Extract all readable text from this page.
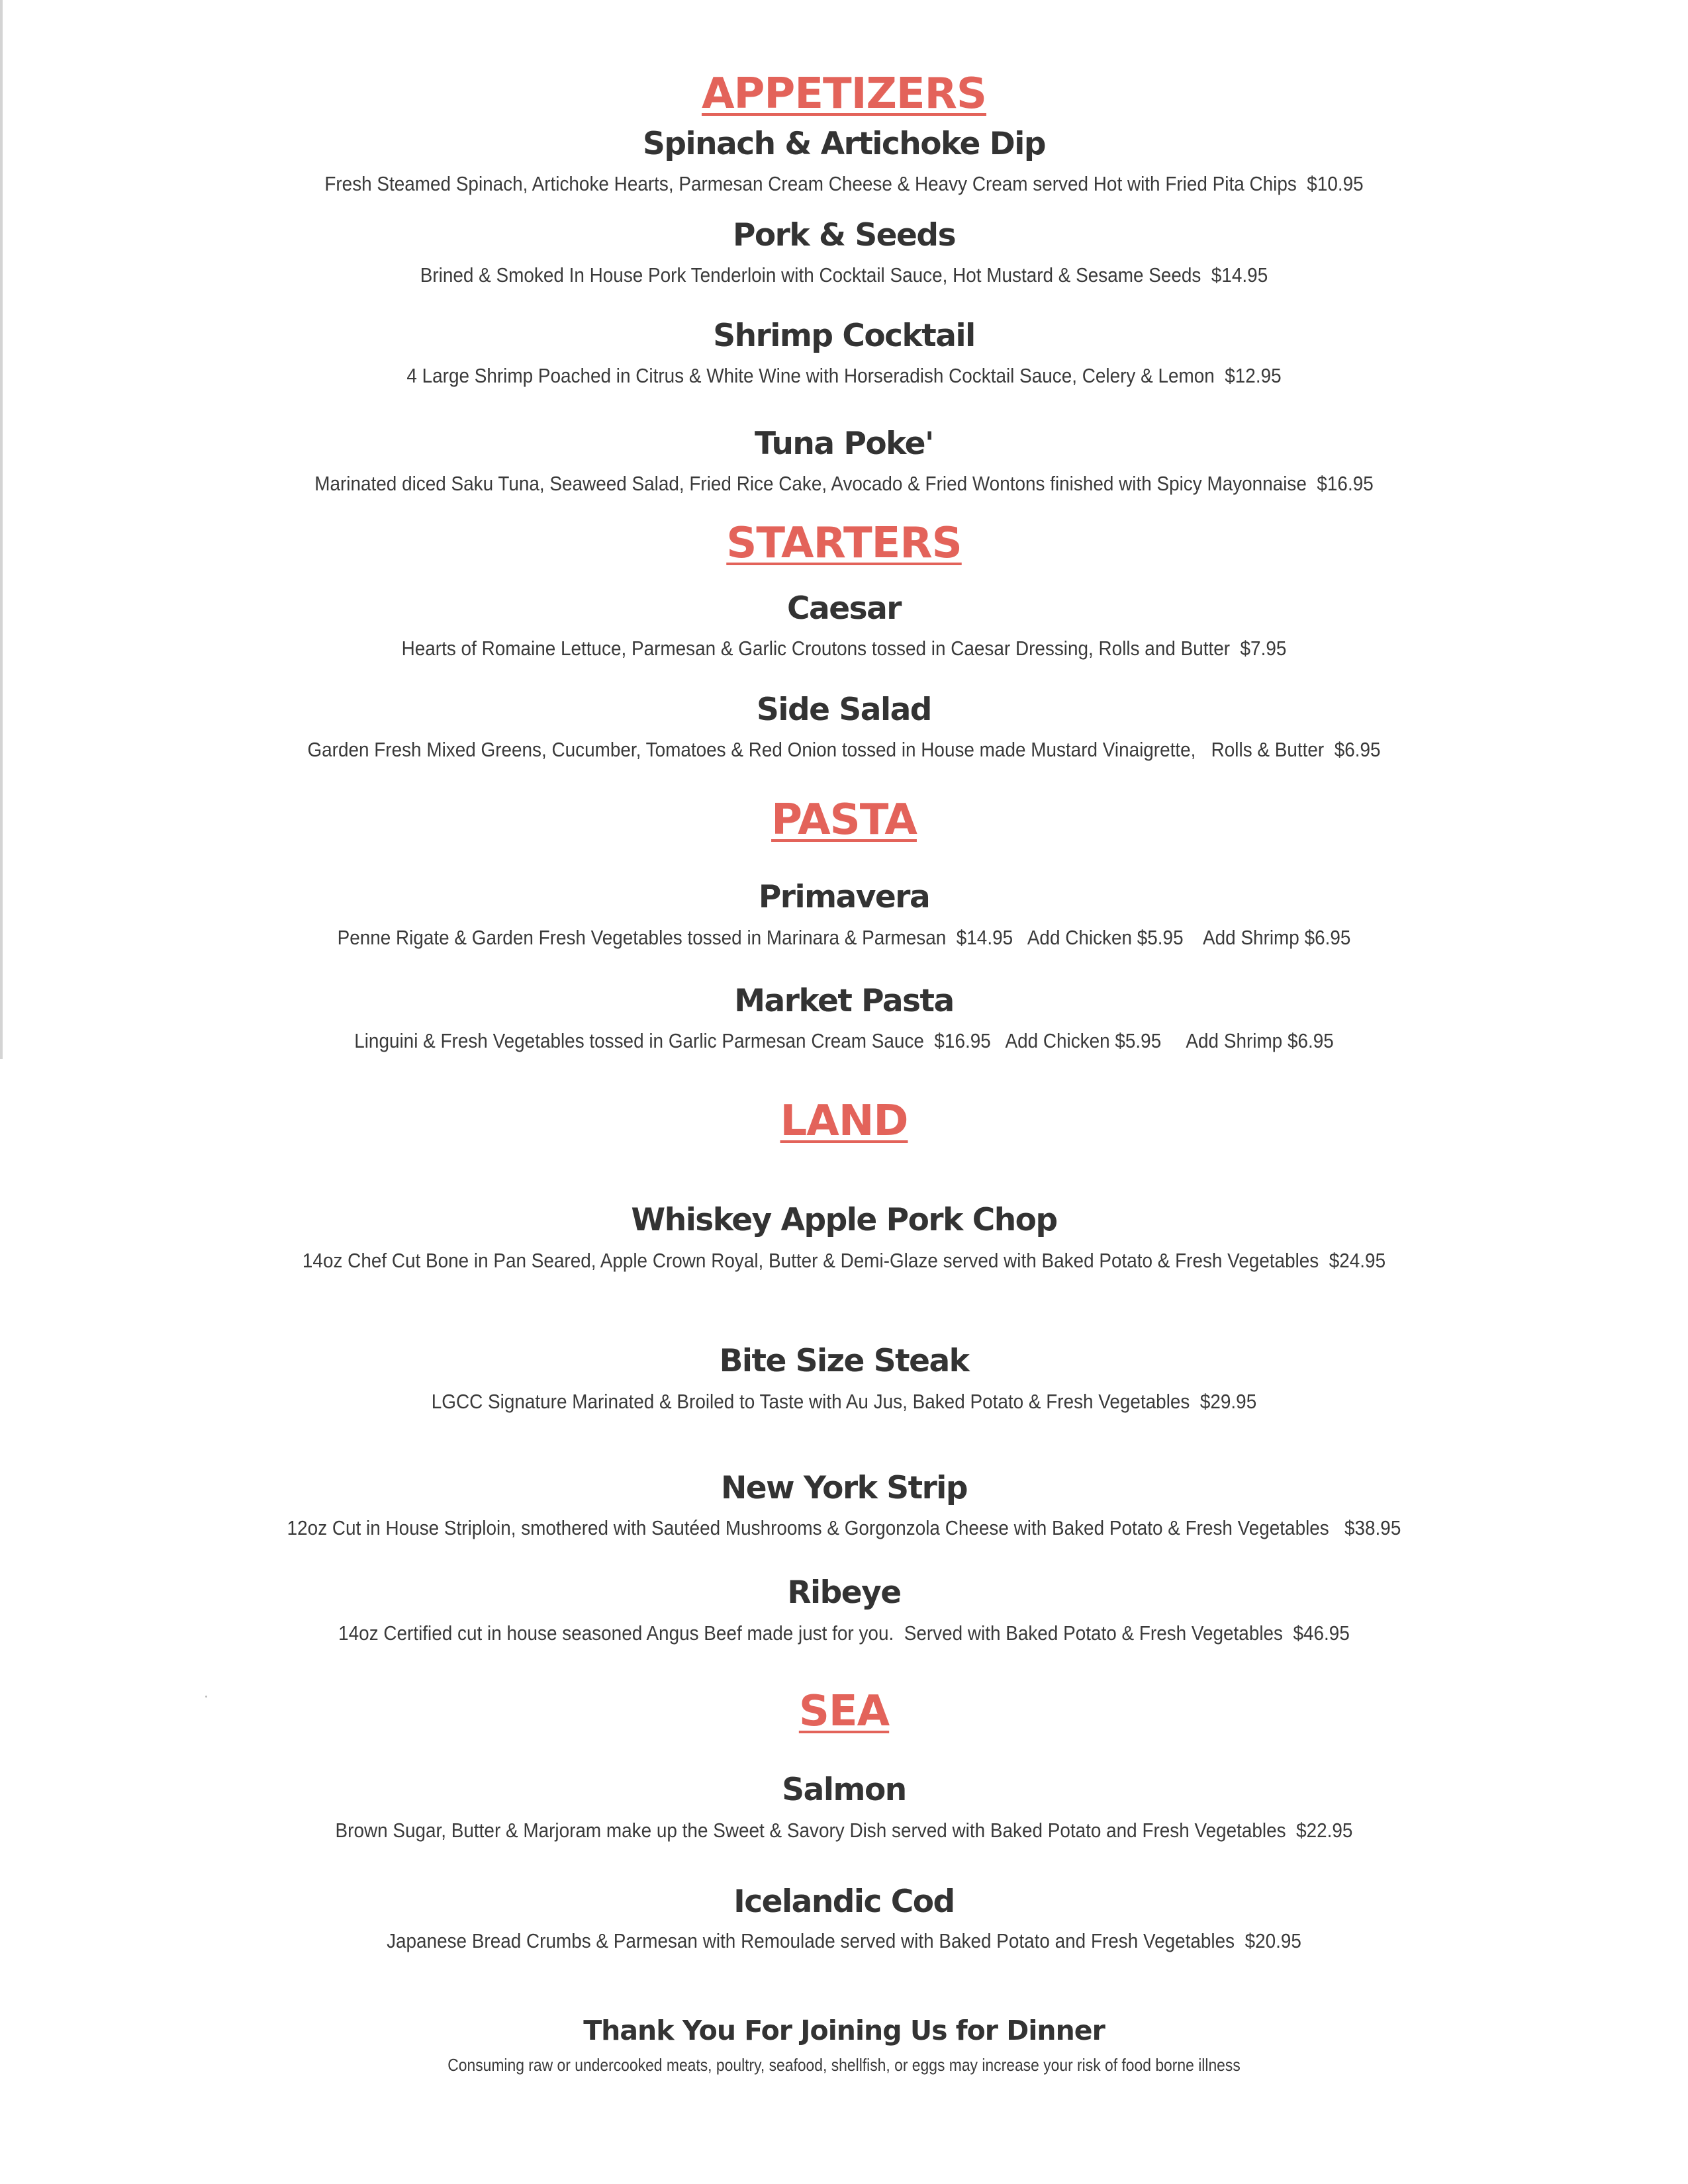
APPETIZERS
Spinach & Artichoke Dip
Fresh Steamed Spinach, Artichoke Hearts, Parmesan Cream Cheese & Heavy Cream served Hot with Fried Pita Chips  $10.95
Pork & Seeds
Brined & Smoked In House Pork Tenderloin with Cocktail Sauce, Hot Mustard & Sesame Seeds  $14.95
Shrimp Cocktail
4 Large Shrimp Poached in Citrus & White Wine with Horseradish Cocktail Sauce, Celery & Lemon  $12.95
Tuna Poke'
Marinated diced Saku Tuna, Seaweed Salad, Fried Rice Cake, Avocado & Fried Wontons finished with Spicy Mayonnaise  $16.95
STARTERS
Caesar
Hearts of Romaine Lettuce, Parmesan & Garlic Croutons tossed in Caesar Dressing, Rolls and Butter  $7.95
Side Salad
Garden Fresh Mixed Greens, Cucumber, Tomatoes & Red Onion tossed in House made Mustard Vinaigrette,   Rolls & Butter  $6.95
PASTA
Primavera
Penne Rigate & Garden Fresh Vegetables tossed in Marinara & Parmesan  $14.95   Add Chicken $5.95    Add Shrimp $6.95
Market Pasta
Linguini & Fresh Vegetables tossed in Garlic Parmesan Cream Sauce  $16.95   Add Chicken $5.95     Add Shrimp $6.95
LAND
Whiskey Apple Pork Chop
14oz Chef Cut Bone in Pan Seared, Apple Crown Royal, Butter & Demi-Glaze served with Baked Potato & Fresh Vegetables  $24.95
Bite Size Steak
LGCC Signature Marinated & Broiled to Taste with Au Jus, Baked Potato & Fresh Vegetables  $29.95
New York Strip
12oz Cut in House Striploin, smothered with Sautéed Mushrooms & Gorgonzola Cheese with Baked Potato & Fresh Vegetables   $38.95
Ribeye
14oz Certified cut in house seasoned Angus Beef made just for you.  Served with Baked Potato & Fresh Vegetables  $46.95
SEA
Salmon
Brown Sugar, Butter & Marjoram make up the Sweet & Savory Dish served with Baked Potato and Fresh Vegetables  $22.95
Icelandic Cod
Japanese Bread Crumbs & Parmesan with Remoulade served with Baked Potato and Fresh Vegetables  $20.95
Thank You For Joining Us for Dinner
Consuming raw or undercooked meats, poultry, seafood, shellfish, or eggs may increase your risk of food borne illness
